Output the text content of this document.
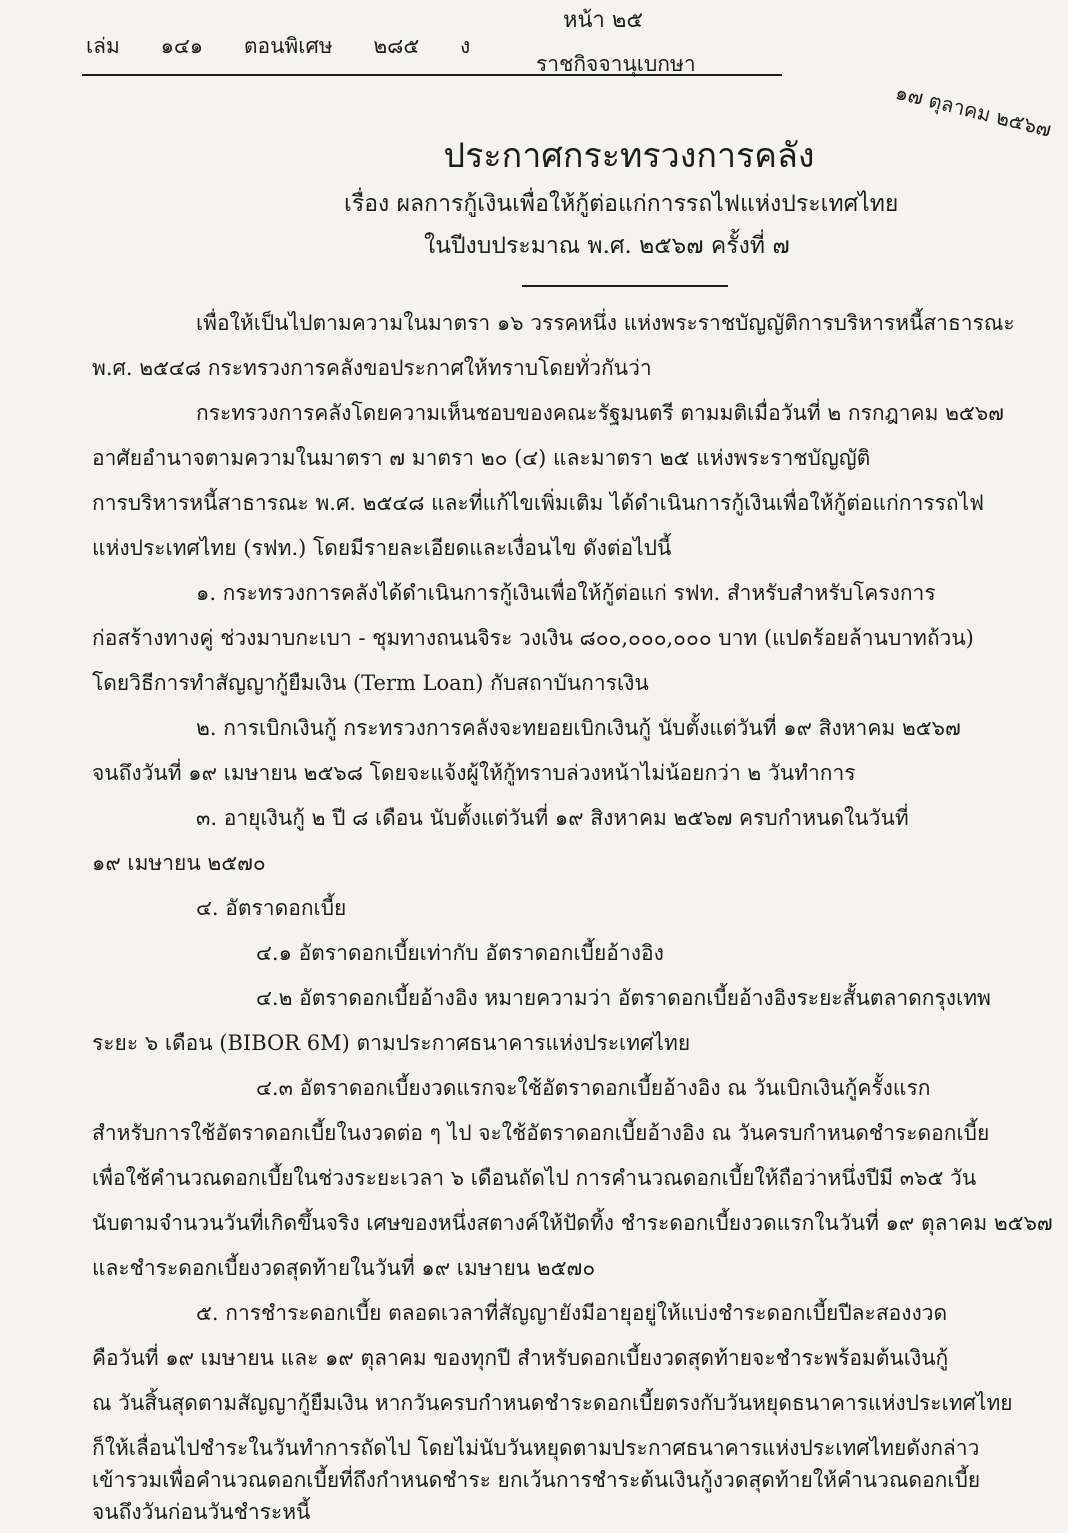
เล่ม ๑๔๑ ตอนพิเศษ ๒๘๕ ง
หน้า ๒๕
ราชกิจจานุเบกษา
๑๗ ตุลาคม ๒๕๖๗
ประกาศกระทรวงการคลัง
เรื่อง ผลการกู้เงินเพื่อให้กู้ต่อแก่การรถไฟแห่งประเทศไทย
ในปีงบประมาณ พ.ศ. ๒๕๖๗ ครั้งที่ ๗
เพื่อให้เป็นไปตามความในมาตรา ๑๖ วรรคหนึ่ง แห่งพระราชบัญญัติการบริหารหนี้สาธารณะ
พ.ศ. ๒๕๔๘ กระทรวงการคลังขอประกาศให้ทราบโดยทั่วกันว่า
กระทรวงการคลังโดยความเห็นชอบของคณะรัฐมนตรี ตามมติเมื่อวันที่ ๒ กรกฎาคม ๒๕๖๗
อาศัยอำนาจตามความในมาตรา ๗ มาตรา ๒๐ (๔) และมาตรา ๒๕ แห่งพระราชบัญญัติ
การบริหารหนี้สาธารณะ พ.ศ. ๒๕๔๘ และที่แก้ไขเพิ่มเติม ได้ดำเนินการกู้เงินเพื่อให้กู้ต่อแก่การรถไฟ
แห่งประเทศไทย (รฟท.) โดยมีรายละเอียดและเงื่อนไข ดังต่อไปนี้
๑. กระทรวงการคลังได้ดำเนินการกู้เงินเพื่อให้กู้ต่อแก่ รฟท. สำหรับสำหรับโครงการ
ก่อสร้างทางคู่ ช่วงมาบกะเบา - ชุมทางถนนจิระ วงเงิน ๘๐๐,๐๐๐,๐๐๐ บาท (แปดร้อยล้านบาทถ้วน)
โดยวิธีการทำสัญญากู้ยืมเงิน (Term Loan) กับสถาบันการเงิน
๒. การเบิกเงินกู้ กระทรวงการคลังจะทยอยเบิกเงินกู้ นับตั้งแต่วันที่ ๑๙ สิงหาคม ๒๕๖๗
จนถึงวันที่ ๑๙ เมษายน ๒๕๖๘ โดยจะแจ้งผู้ให้กู้ทราบล่วงหน้าไม่น้อยกว่า ๒ วันทำการ
๓. อายุเงินกู้ ๒ ปี ๘ เดือน นับตั้งแต่วันที่ ๑๙ สิงหาคม ๒๕๖๗ ครบกำหนดในวันที่
๑๙ เมษายน ๒๕๗๐
๔. อัตราดอกเบี้ย
๔.๑ อัตราดอกเบี้ยเท่ากับ อัตราดอกเบี้ยอ้างอิง
๔.๒ อัตราดอกเบี้ยอ้างอิง หมายความว่า อัตราดอกเบี้ยอ้างอิงระยะสั้นตลาดกรุงเทพ
ระยะ ๖ เดือน (BIBOR 6M) ตามประกาศธนาคารแห่งประเทศไทย
๔.๓ อัตราดอกเบี้ยงวดแรกจะใช้อัตราดอกเบี้ยอ้างอิง ณ วันเบิกเงินกู้ครั้งแรก
สำหรับการใช้อัตราดอกเบี้ยในงวดต่อ ๆ ไป จะใช้อัตราดอกเบี้ยอ้างอิง ณ วันครบกำหนดชำระดอกเบี้ย
เพื่อใช้คำนวณดอกเบี้ยในช่วงระยะเวลา ๖ เดือนถัดไป การคำนวณดอกเบี้ยให้ถือว่าหนึ่งปีมี ๓๖๕ วัน
นับตามจำนวนวันที่เกิดขึ้นจริง เศษของหนึ่งสตางค์ให้ปัดทิ้ง ชำระดอกเบี้ยงวดแรกในวันที่ ๑๙ ตุลาคม ๒๕๖๗
และชำระดอกเบี้ยงวดสุดท้ายในวันที่ ๑๙ เมษายน ๒๕๗๐
๕. การชำระดอกเบี้ย ตลอดเวลาที่สัญญายังมีอายุอยู่ให้แบ่งชำระดอกเบี้ยปีละสองงวด
คือวันที่ ๑๙ เมษายน และ ๑๙ ตุลาคม ของทุกปี สำหรับดอกเบี้ยงวดสุดท้ายจะชำระพร้อมต้นเงินกู้
ณ วันสิ้นสุดตามสัญญากู้ยืมเงิน หากวันครบกำหนดชำระดอกเบี้ยตรงกับวันหยุดธนาคารแห่งประเทศไทย
ก็ให้เลื่อนไปชำระในวันทำการถัดไป โดยไม่นับวันหยุดตามประกาศธนาคารแห่งประเทศไทยดังกล่าว
เข้ารวมเพื่อคำนวณดอกเบี้ยที่ถึงกำหนดชำระ ยกเว้นการชำระต้นเงินกู้งวดสุดท้ายให้คำนวณดอกเบี้ย
จนถึงวันก่อนวันชำระหนี้
